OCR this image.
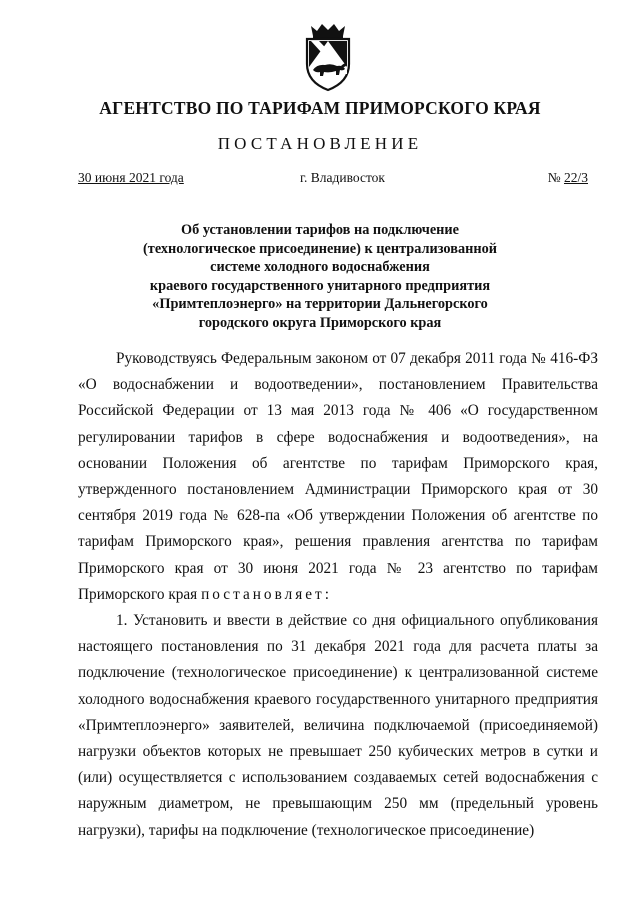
АГЕНТСТВО ПО ТАРИФАМ ПРИМОРСКОГО КРАЯ
ПОСТАНОВЛЕНИЕ
30 июня 2021 года	г. Владивосток	№ 22/3
Об установлении тарифов на подключение
(технологическое присоединение) к централизованной
системе холодного водоснабжения
краевого государственного унитарного предприятия
«Примтеплоэнерго» на территории Дальнегорского
городского округа Приморского края

Руководствуясь Федеральным законом от 07 декабря 2011 года № 416-ФЗ «О водоснабжении и водоотведении», постановлением Правительства Российской Федерации от 13 мая 2013 года № 406 «О государственном регулировании тарифов в сфере водоснабжения и водоотведения», на основании Положения об агентстве по тарифам Приморского края, утвержденного постановлением Администрации Приморского края от 30 сентября 2019 года № 628-па «Об утверждении Положения об агентстве по тарифам Приморского края», решения правления агентства по тарифам Приморского края от 30 июня 2021 года № 23 агентство по тарифам Приморского края постановляет:

1. Установить и ввести в действие со дня официального опубликования настоящего постановления по 31 декабря 2021 года для расчета платы за подключение (технологическое присоединение) к централизованной системе холодного водоснабжения краевого государственного унитарного предприятия «Примтеплоэнерго» заявителей, величина подключаемой (присоединяемой) нагрузки объектов которых не превышает 250 кубических метров в сутки и (или) осуществляется с использованием создаваемых сетей водоснабжения с наружным диаметром, не превышающим 250 мм (предельный уровень нагрузки), тарифы на подключение (технологическое присоединение)
